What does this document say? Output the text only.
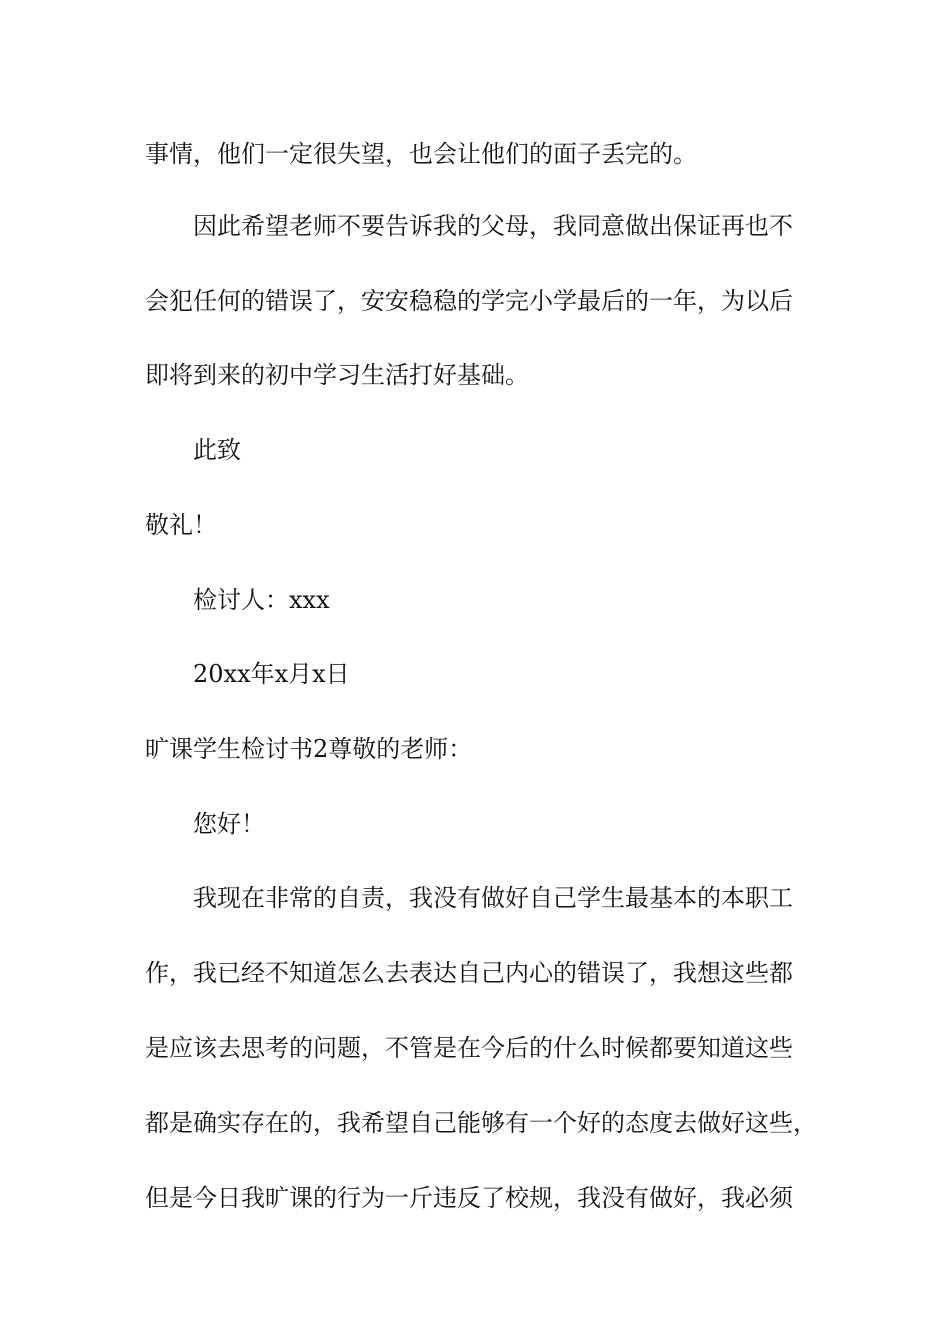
事情，他们一定很失望，也会让他们的面子丢完的。
因此希望老师不要告诉我的父母，我同意做出保证再也不
会犯任何的错误了，安安稳稳的学完小学最后的一年，为以后
即将到来的初中学习生活打好基础。
此致
敬礼！
检讨人：xxx
20xx年x月x日
旷课学生检讨书2尊敬的老师：
您好！
我现在非常的自责，我没有做好自己学生最基本的本职工
作，我已经不知道怎么去表达自己内心的错误了，我想这些都
是应该去思考的问题，不管是在今后的什么时候都要知道这些
都是确实存在的，我希望自己能够有一个好的态度去做好这些，
但是今日我旷课的行为一斤违反了校规，我没有做好，我必须
